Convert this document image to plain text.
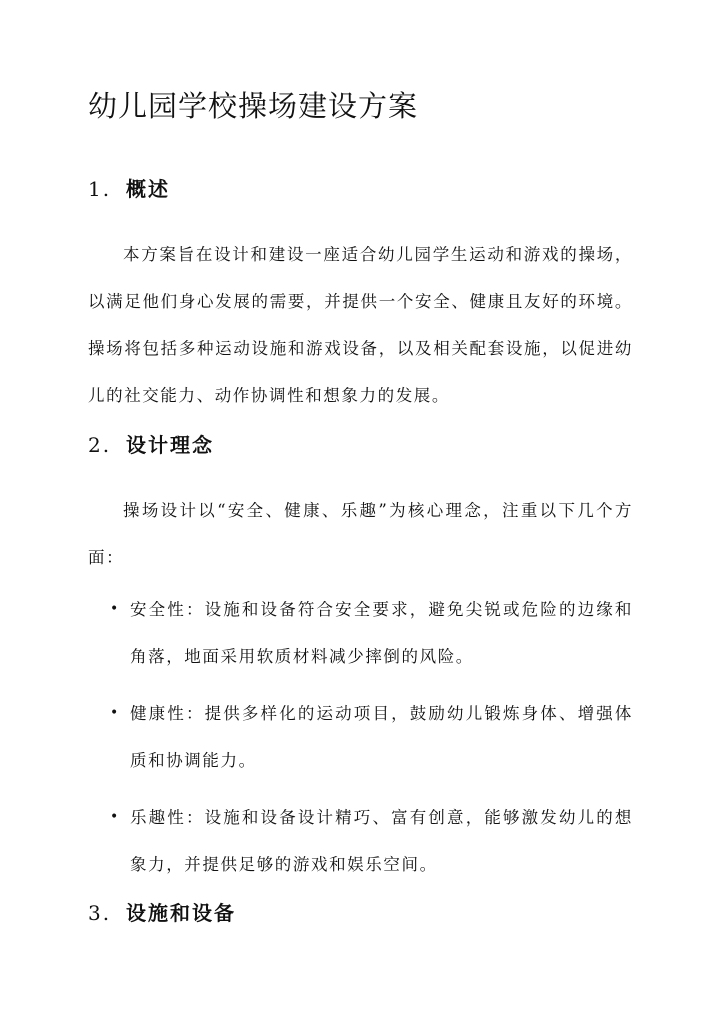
幼儿园学校操场建设方案
1. 概述

本方案旨在设计和建设一座适合幼儿园学生运动和游戏的操场，以满足他们身心发展的需要，并提供一个安全、健康且友好的环境。操场将包括多种运动设施和游戏设备，以及相关配套设施，以促进幼儿的社交能力、动作协调性和想象力的发展。

2. 设计理念

操场设计以“安全、健康、乐趣”为核心理念，注重以下几个方面：

• 安全性：设施和设备符合安全要求，避免尖锐或危险的边缘和角落，地面采用软质材料减少摔倒的风险。
• 健康性：提供多样化的运动项目，鼓励幼儿锻炼身体、增强体质和协调能力。
• 乐趣性：设施和设备设计精巧、富有创意，能够激发幼儿的想象力，并提供足够的游戏和娱乐空间。
3. 设施和设备
